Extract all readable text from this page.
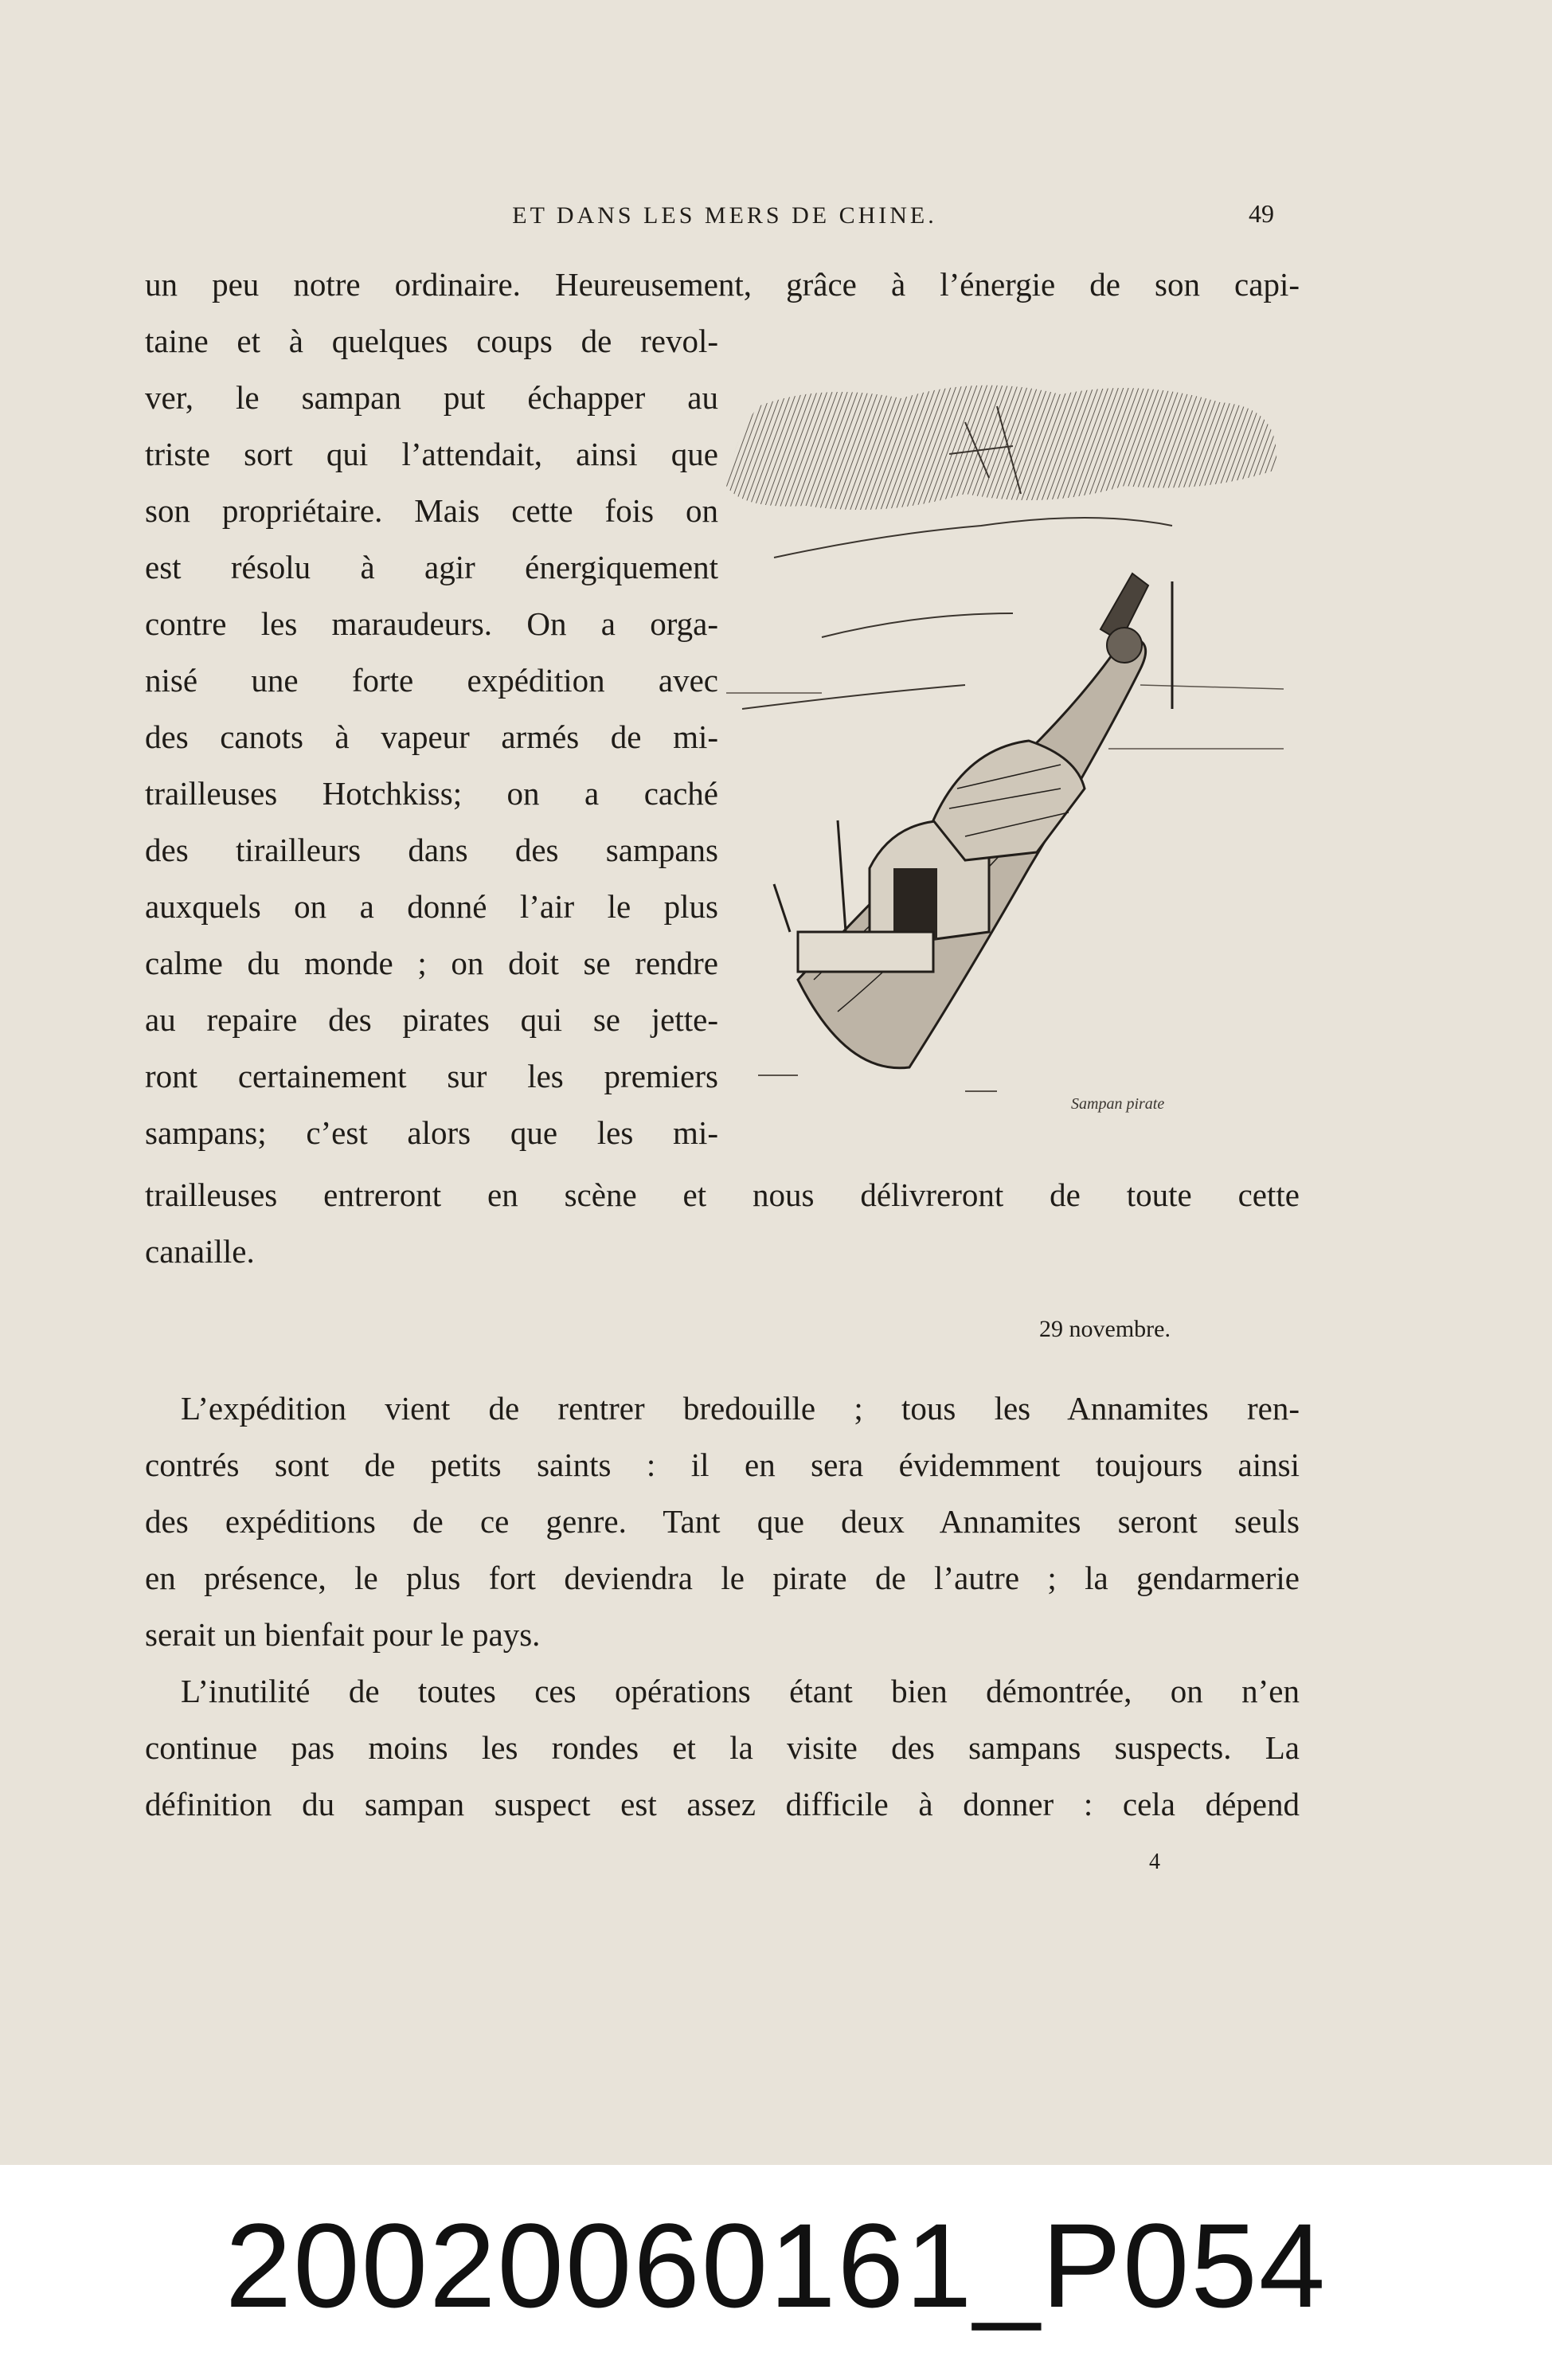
ET DANS LES MERS DE CHINE.	49
un peu notre ordinaire. Heureusement, grâce à l’énergie de son capi-
taine et à quelques coups de revol-
ver, le sampan put échapper au
triste sort qui l’attendait, ainsi que
son propriétaire. Mais cette fois on
est résolu à agir énergiquement
contre les maraudeurs. On a orga-
nisé une forte expédition avec
des canots à vapeur armés de mi-
trailleuses Hotchkiss; on a caché
des tirailleurs dans des sampans
auxquels on a donné l’air le plus
calme du monde ; on doit se rendre
au repaire des pirates qui se jette-
ront certainement sur les premiers
sampans; c’est alors que les mi-
Sampan pirate
trailleuses entreront en scène et nous délivreront de toute cette
canaille.
29 novembre.
L’expédition vient de rentrer bredouille ; tous les Annamites ren-
contrés sont de petits saints : il en sera évidemment toujours ainsi
des expéditions de ce genre. Tant que deux Annamites seront seuls
en présence, le plus fort deviendra le pirate de l’autre ; la gendarmerie
serait un bienfait pour le pays.
L’inutilité de toutes ces opérations étant bien démontrée, on n’en
continue pas moins les rondes et la visite des sampans suspects. La
définition du sampan suspect est assez difficile à donner : cela dépend
4
20020060161_P054
